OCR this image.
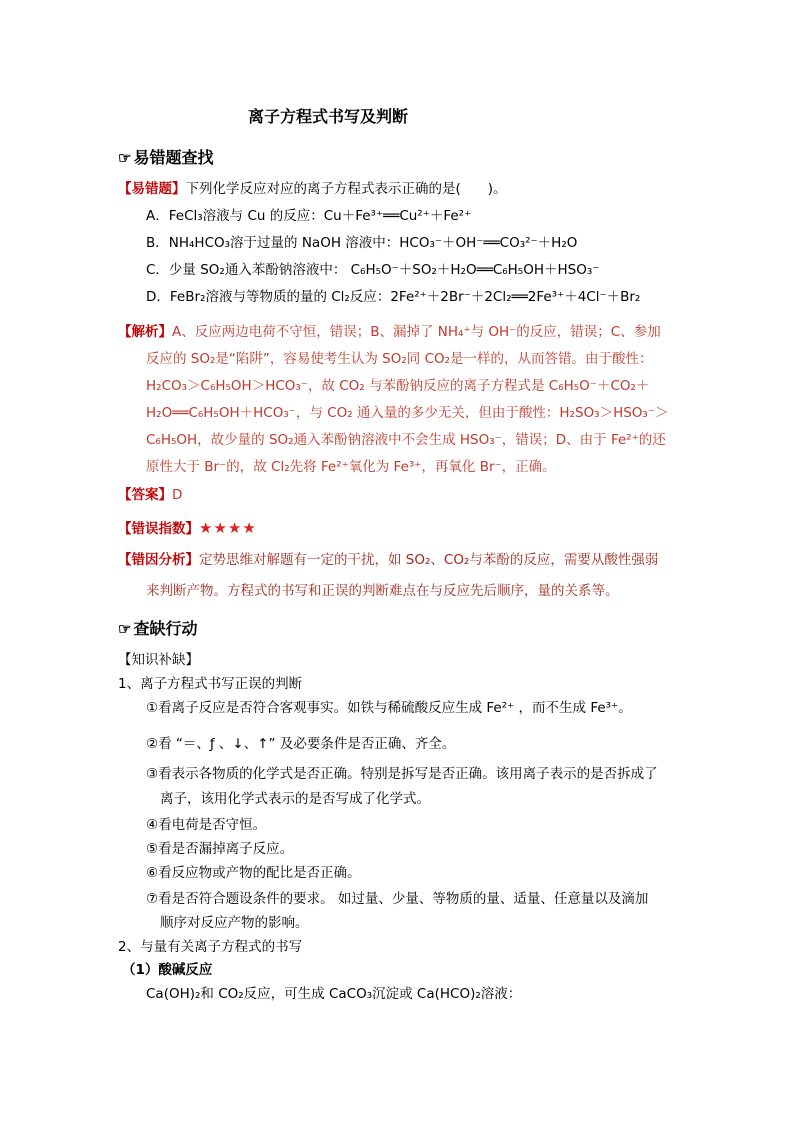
离子方程式书写及判断
☞ 易错题查找
【易错题】下列化学反应对应的离子方程式表示正确的是(　　)。
A．FeCl₃溶液与 Cu 的反应：Cu＋Fe³⁺══Cu²⁺＋Fe²⁺
B．NH₄HCO₃溶于过量的 NaOH 溶液中：HCO₃⁻＋OH⁻══CO₃²⁻＋H₂O
C．少量 SO₂通入苯酚钠溶液中： C₆H₅O⁻＋SO₂＋H₂O══C₆H₅OH＋HSO₃⁻
D．FeBr₂溶液与等物质的量的 Cl₂反应：2Fe²⁺＋2Br⁻＋2Cl₂══2Fe³⁺＋4Cl⁻＋Br₂
【解析】A、反应两边电荷不守恒，错误；B、漏掉了 NH₄⁺与 OH⁻的反应，错误；C、参加
反应的 SO₂是“陷阱”，容易使考生认为 SO₂同 CO₂是一样的，从而答错。由于酸性：
H₂CO₃＞C₆H₅OH＞HCO₃⁻，故 CO₂ 与苯酚钠反应的离子方程式是 C₆H₅O⁻＋CO₂＋
H₂O══C₆H₅OH＋HCO₃⁻，与 CO₂ 通入量的多少无关，但由于酸性：H₂SO₃＞HSO₃⁻＞
C₆H₅OH，故少量的 SO₂通入苯酚钠溶液中不会生成 HSO₃⁻，错误；D、由于 Fe²⁺的还
原性大于 Br⁻的，故 Cl₂先将 Fe²⁺氧化为 Fe³⁺，再氧化 Br⁻，正确。
【答案】D
【错误指数】★★★★
【错因分析】定势思维对解题有一定的干扰，如 SO₂、CO₂与苯酚的反应，需要从酸性强弱
来判断产物。方程式的书写和正误的判断难点在与反应先后顺序，量的关系等。
☞ 查缺行动
【知识补缺】
1、离子方程式书写正误的判断
①看离子反应是否符合客观事实。如铁与稀硫酸反应生成 Fe²⁺ ，而不生成 Fe³⁺。
②看 “＝、ƒ 、↓、↑” 及必要条件是否正确、齐全。
③看表示各物质的化学式是否正确。特别是拆写是否正确。该用离子表示的是否拆成了
离子，该用化学式表示的是否写成了化学式。
④看电荷是否守恒。
⑤看是否漏掉离子反应。
⑥看反应物或产物的配比是否正确。
⑦看是否符合题设条件的要求。 如过量、少量、等物质的量、适量、任意量以及滴加
顺序对反应产物的影响。
2、与量有关离子方程式的书写
（1）酸碱反应
Ca(OH)₂和 CO₂反应，可生成 CaCO₃沉淀或 Ca(HCO)₂溶液：
